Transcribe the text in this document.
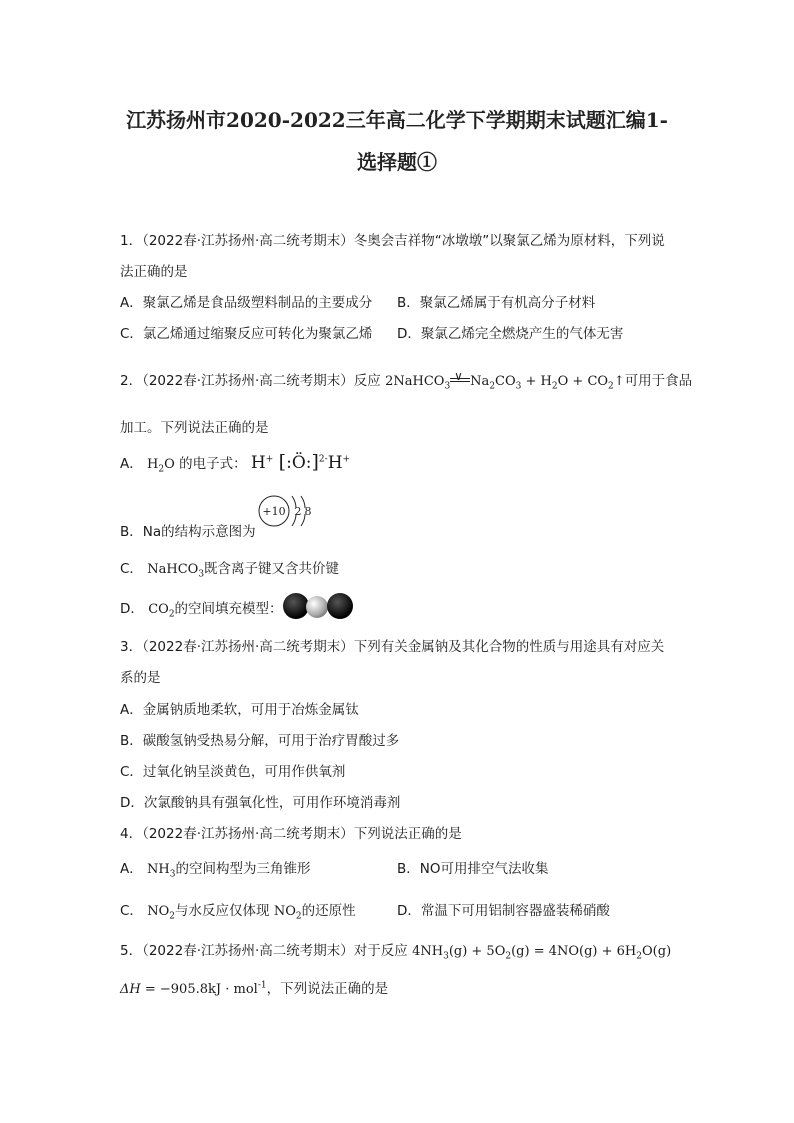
江苏扬州市2020-2022三年高二化学下学期期末试题汇编1-
选择题①
1．（2022春·江苏扬州·高二统考期末）冬奥会吉祥物“冰墩墩”以聚氯乙烯为原材料，下列说
法正确的是
A．聚氯乙烯是食品级塑料制品的主要成分 B．聚氯乙烯属于有机高分子材料
C．氯乙烯通过缩聚反应可转化为聚氯乙烯 D．聚氯乙烯完全燃烧产生的气体无害
2．（2022春·江苏扬州·高二统考期末）反应 2NaHCO$_3$
∨ $Na_2CO_3 + H_2O$ + $CO_2↑$可用于食品
加工。下列说法正确的是
A． $H_2O$ 的电子式： H+ [:Ö:]$^{2-}$H+
B．Na的结构示意图为
+10 2 8
C． NaHCO$_3$既含离子键又含共价键
D． $CO_2$的空间填充模型：
3．（2022春·江苏扬州·高二统考期末）下列有关金属钠及其化合物的性质与用途具有对应关
系的是
A．金属钠质地柔软，可用于冶炼金属钛
B．碳酸氢钠受热易分解，可用于治疗胃酸过多
C．过氧化钠呈淡黄色，可用作供氧剂
D．次氯酸钠具有强氧化性，可用作环境消毒剂
4．（2022春·江苏扬州·高二统考期末）下列说法正确的是
A． $NH_3$的空间构型为三角锥形	B．NO可用排空气法收集
C． $NO_2$与水反应仅体现 $NO_2$的还原性	D．常温下可用铝制容器盛装稀硝酸
5．（2022春·江苏扬州·高二统考期末）对于反应 $4NH_3(g) + 5O_2(g) = 4NO(g) + 6H_2O(g)$
ΔH = −905.8kJ · mol$^{-1}$，下列说法正确的是
